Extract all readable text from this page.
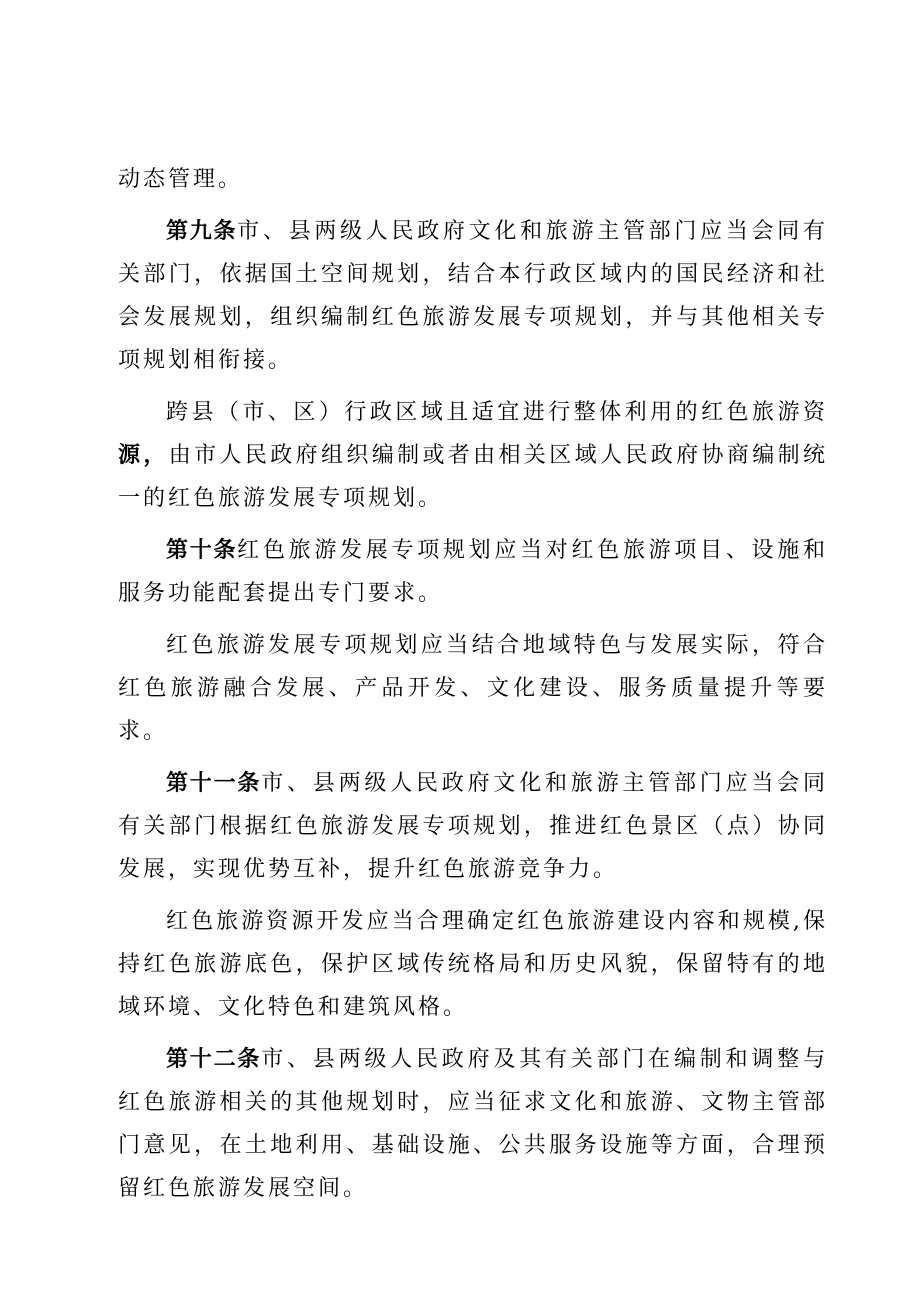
动态管理。

第九条市、县两级人民政府文化和旅游主管部门应当会同有关部门，依据国土空间规划，结合本行政区域内的国民经济和社会发展规划，组织编制红色旅游发展专项规划，并与其他相关专项规划相衔接。

跨县（市、区）行政区域且适宜进行整体利用的红色旅游资源，由市人民政府组织编制或者由相关区域人民政府协商编制统一的红色旅游发展专项规划。

第十条红色旅游发展专项规划应当对红色旅游项目、设施和服务功能配套提出专门要求。

红色旅游发展专项规划应当结合地域特色与发展实际，符合红色旅游融合发展、产品开发、文化建设、服务质量提升等要求。

第十一条市、县两级人民政府文化和旅游主管部门应当会同有关部门根据红色旅游发展专项规划，推进红色景区（点）协同发展，实现优势互补，提升红色旅游竞争力。

红色旅游资源开发应当合理确定红色旅游建设内容和规模,保持红色旅游底色，保护区域传统格局和历史风貌，保留特有的地域环境、文化特色和建筑风格。

第十二条市、县两级人民政府及其有关部门在编制和调整与红色旅游相关的其他规划时，应当征求文化和旅游、文物主管部门意见，在土地利用、基础设施、公共服务设施等方面，合理预留红色旅游发展空间。
